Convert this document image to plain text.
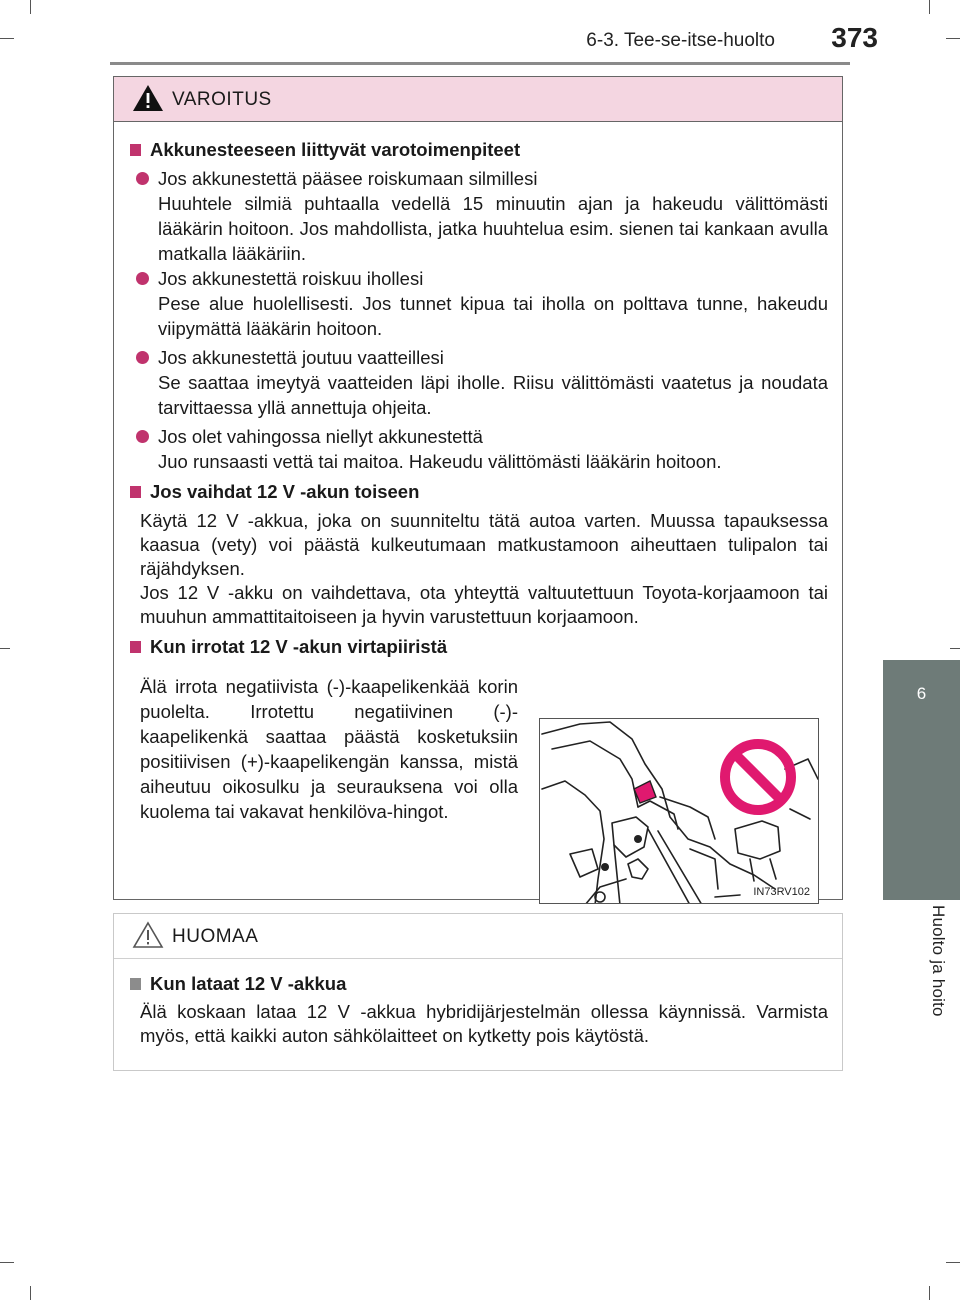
6-3. Tee-se-itse-huolto	373
6
Huolto ja hoito
VAROITUS
Akkunesteeseen liittyvät varotoimenpiteet
Jos akkunestettä pääsee roiskumaan silmillesi
Huuhtele silmiä puhtaalla vedellä 15 minuutin ajan ja hakeudu välittömästi lääkärin hoitoon. Jos mahdollista, jatka huuhtelua esim. sienen tai kankaan avulla matkalla lääkäriin.
Jos akkunestettä roiskuu ihollesi
Pese alue huolellisesti. Jos tunnet kipua tai iholla on polttava tunne, hakeudu viipymättä lääkärin hoitoon.
Jos akkunestettä joutuu vaatteillesi
Se saattaa imeytyä vaatteiden läpi iholle. Riisu välittömästi vaatetus ja noudata tarvittaessa yllä annettuja ohjeita.
Jos olet vahingossa niellyt akkunestettä
Juo runsaasti vettä tai maitoa. Hakeudu välittömästi lääkärin hoitoon.
Jos vaihdat 12 V -akun toiseen
Käytä 12 V -akkua, joka on suunniteltu tätä autoa varten. Muussa tapauksessa kaasua (vety) voi päästä kulkeutumaan matkustamoon aiheuttaen tulipalon tai räjähdyksen.
Jos 12 V -akku on vaihdettava, ota yhteyttä valtuutettuun Toyota-korjaamoon tai muuhun ammattitaitoiseen ja hyvin varustettuun korjaamoon.
Kun irrotat 12 V -akun virtapiiristä
Älä irrota negatiivista (-)-kaapelikenkää korin puolelta. Irrotettu negatiivinen (-)-kaapelikenkä saattaa päästä kosketuksiin positiivisen (+)-kaapelikengän kanssa, mistä aiheutuu oikosulku ja seurauksena voi olla kuolema tai vakavat henkilöva-hingot.
IN73RV102
HUOMAA
Kun lataat 12 V -akkua
Älä koskaan lataa 12 V -akkua hybridijärjestelmän ollessa käynnissä. Varmista myös, että kaikki auton sähkölaitteet on kytketty pois käytöstä.
